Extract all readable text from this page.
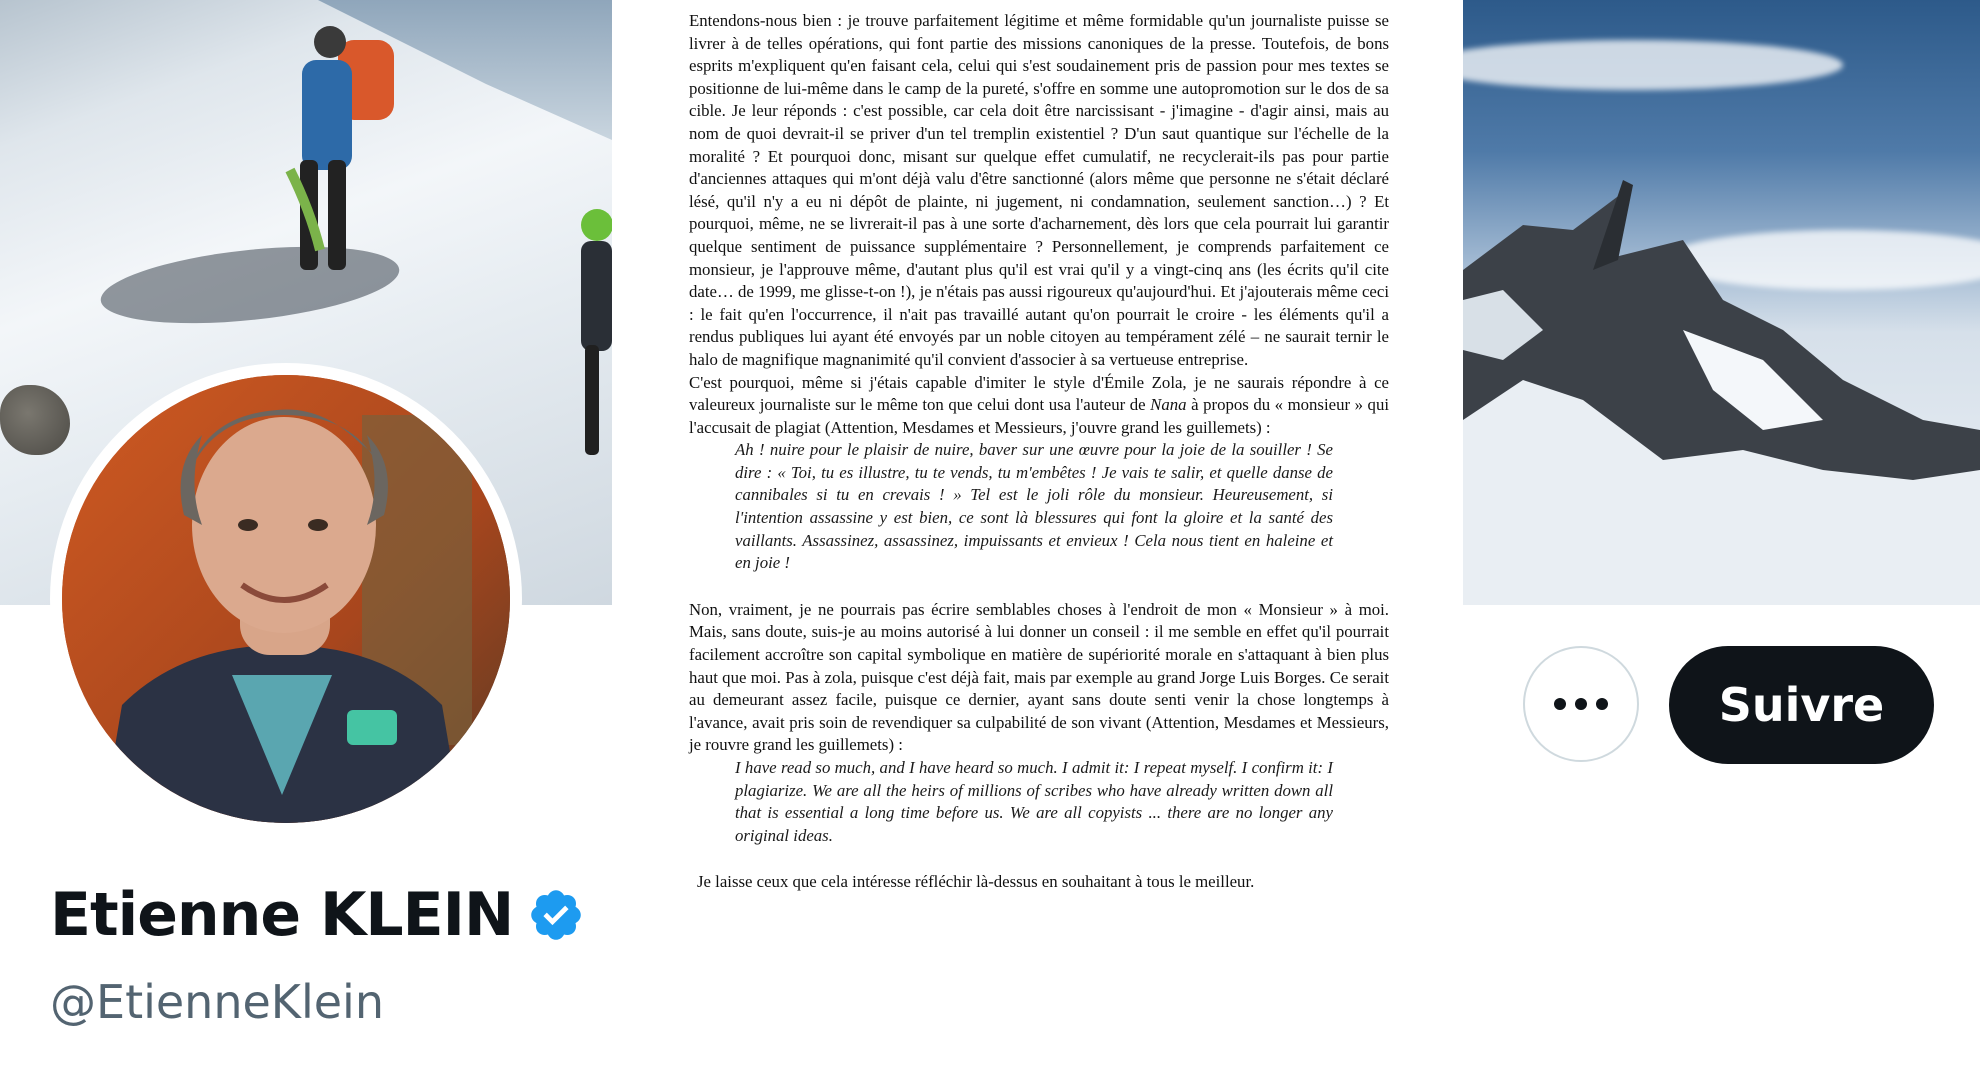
Entendons-nous bien : je trouve parfaitement légitime et même formidable qu'un journaliste puisse se livrer à de telles opérations, qui font partie des missions canoniques de la presse. Toutefois, de bons esprits m'expliquent qu'en faisant cela, celui qui s'est soudainement pris de passion pour mes textes se positionne de lui-même dans le camp de la pureté, s'offre en somme une autopromotion sur le dos de sa cible. Je leur réponds : c'est possible, car cela doit être narcissisant - j'imagine - d'agir ainsi, mais au nom de quoi devrait-il se priver d'un tel tremplin existentiel ? D'un saut quantique sur l'échelle de la moralité ? Et pourquoi donc, misant sur quelque effet cumulatif, ne recyclerait-ils pas pour partie d'anciennes attaques qui m'ont déjà valu d'être sanctionné (alors même que personne ne s'était déclaré lésé, qu'il n'y a eu ni dépôt de plainte, ni jugement, ni condamnation, seulement sanction…) ? Et pourquoi, même, ne se livrerait-il pas à une sorte d'acharnement, dès lors que cela pourrait lui garantir quelque sentiment de puissance supplémentaire ? Personnellement, je comprends parfaitement ce monsieur, je l'approuve même, d'autant plus qu'il est vrai qu'il y a vingt-cinq ans (les écrits qu'il cite date… de 1999, me glisse-t-on !), je n'étais pas aussi rigoureux qu'aujourd'hui. Et j'ajouterais même ceci : le fait qu'en l'occurrence, il n'ait pas travaillé autant qu'on pourrait le croire - les éléments qu'il a rendus publiques lui ayant été envoyés par un noble citoyen au tempérament zélé – ne saurait ternir le halo de magnifique magnanimité qu'il convient d'associer à sa vertueuse entreprise.

C'est pourquoi, même si j'étais capable d'imiter le style d'Émile Zola, je ne saurais répondre à ce valeureux journaliste sur le même ton que celui dont usa l'auteur de Nana à propos du « monsieur » qui l'accusait de plagiat (Attention, Mesdames et Messieurs, j'ouvre grand les guillemets) :

Ah ! nuire pour le plaisir de nuire, baver sur une œuvre pour la joie de la souiller ! Se dire : « Toi, tu es illustre, tu te vends, tu m'embêtes ! Je vais te salir, et quelle danse de cannibales si tu en crevais ! » Tel est le joli rôle du monsieur. Heureusement, si l'intention assassine y est bien, ce sont là blessures qui font la gloire et la santé des vaillants. Assassinez, assassinez, impuissants et envieux ! Cela nous tient en haleine et en joie !

Non, vraiment, je ne pourrais pas écrire semblables choses à l'endroit de mon « Monsieur » à moi. Mais, sans doute, suis-je au moins autorisé à lui donner un conseil : il me semble en effet qu'il pourrait facilement accroître son capital symbolique en matière de supériorité morale en s'attaquant à bien plus haut que moi. Pas à zola, puisque c'est déjà fait, mais par exemple au grand Jorge Luis Borges. Ce serait au demeurant assez facile, puisque ce dernier, ayant sans doute senti venir la chose longtemps à l'avance, avait pris soin de revendiquer sa culpabilité de son vivant (Attention, Mesdames et Messieurs, je rouvre grand les guillemets) :

I have read so much, and I have heard so much. I admit it: I repeat myself. I confirm it: I plagiarize. We are all the heirs of millions of scribes who have already written down all that is essential a long time before us. We are all copyists ... there are no longer any original ideas.

Je laisse ceux que cela intéresse réfléchir là-dessus en souhaitant à tous le meilleur.

Etienne KLEIN
@EtienneKlein
Suivre
